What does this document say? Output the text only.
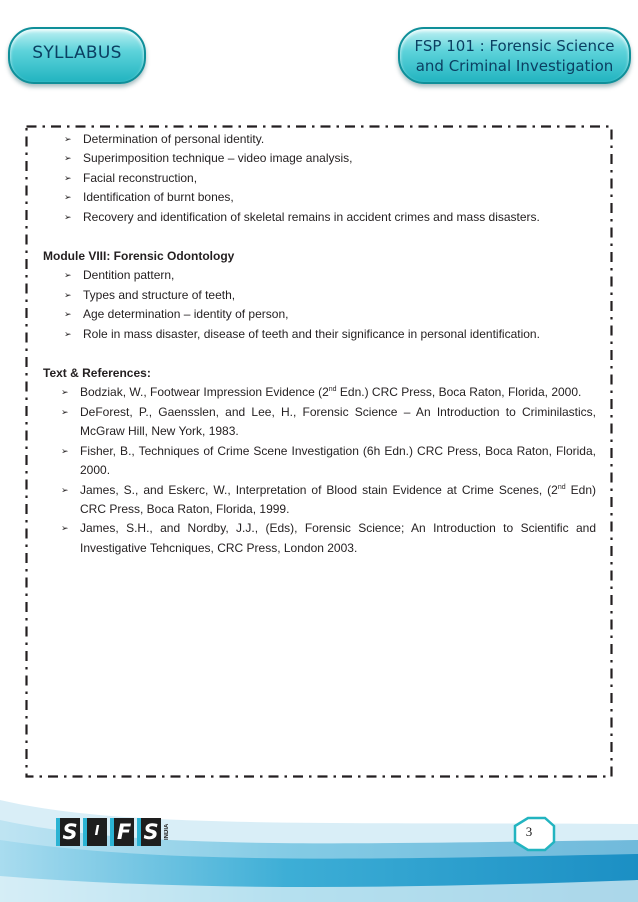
SYLLABUS	FSP 101 : Forensic Science
and Criminal Investigation
➢ Determination of personal identity.
➢ Superimposition technique – video image analysis,
➢ Facial reconstruction,
➢ Identification of burnt bones,
➢ Recovery and identification of skeletal remains in accident crimes and mass disasters.
Module VIII: Forensic Odontology
➢ Dentition pattern,
➢ Types and structure of teeth,
➢ Age determination – identity of person,
➢ Role in mass disaster, disease of teeth and their significance in personal identification.
Text & References:
➢ Bodziak, W., Footwear Impression Evidence (2nd Edn.) CRC Press, Boca Raton, Florida, 2000.
➢ DeForest, P., Gaensslen, and Lee, H., Forensic Science – An Introduction to Criminilastics, McGraw Hill, New York, 1983.
➢ Fisher, B., Techniques of Crime Scene Investigation (6h Edn.) CRC Press, Boca Raton, Florida, 2000.
➢ James, S., and Eskerc, W., Interpretation of Blood stain Evidence at Crime Scenes, (2nd Edn) CRC Press, Boca Raton, Florida, 1999.
➢ James, S.H., and Nordby, J.J., (Eds), Forensic Science; An Introduction to Scientific and Investigative Tehcniques, CRC Press, London 2003.
S	I F S INDIA	3
